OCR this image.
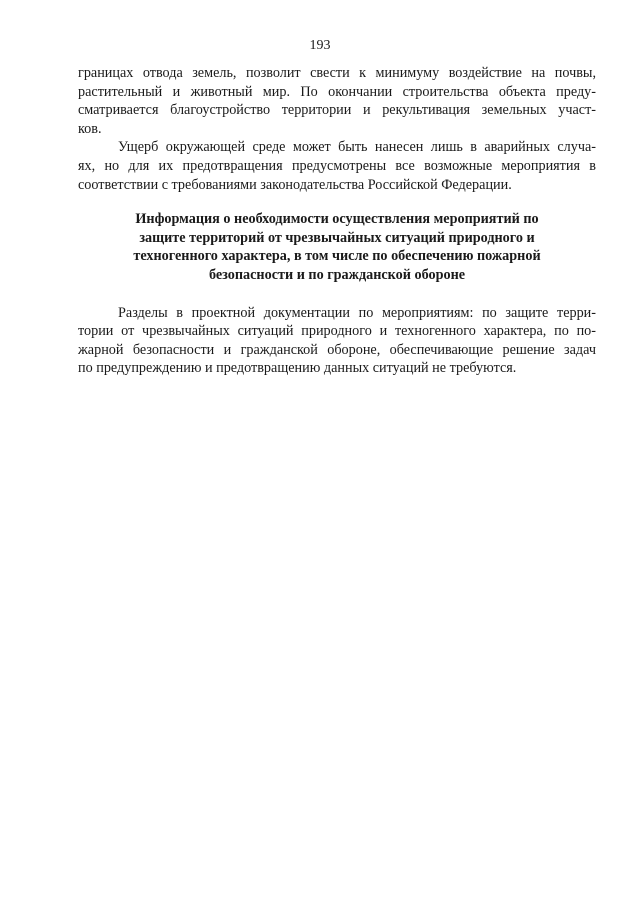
193
границах отвода земель, позволит свести к минимуму воздействие на почвы,
растительный и животный мир. По окончании строительства объекта преду-
сматривается благоустройство территории и рекультивация земельных участ-
ков.
Ущерб окружающей среде может быть нанесен лишь в аварийных случа-
ях, но для их предотвращения предусмотрены все возможные мероприятия в
соответствии с требованиями законодательства Российской Федерации.
Информация о необходимости осуществления мероприятий по
защите территорий от чрезвычайных ситуаций природного и
техногенного характера, в том числе по обеспечению пожарной
безопасности и по гражданской обороне
Разделы в проектной документации по мероприятиям: по защите терри-
тории от чрезвычайных ситуаций природного и техногенного характера, по по-
жарной безопасности и гражданской обороне, обеспечивающие решение задач
по предупреждению и предотвращению данных ситуаций не требуются.
